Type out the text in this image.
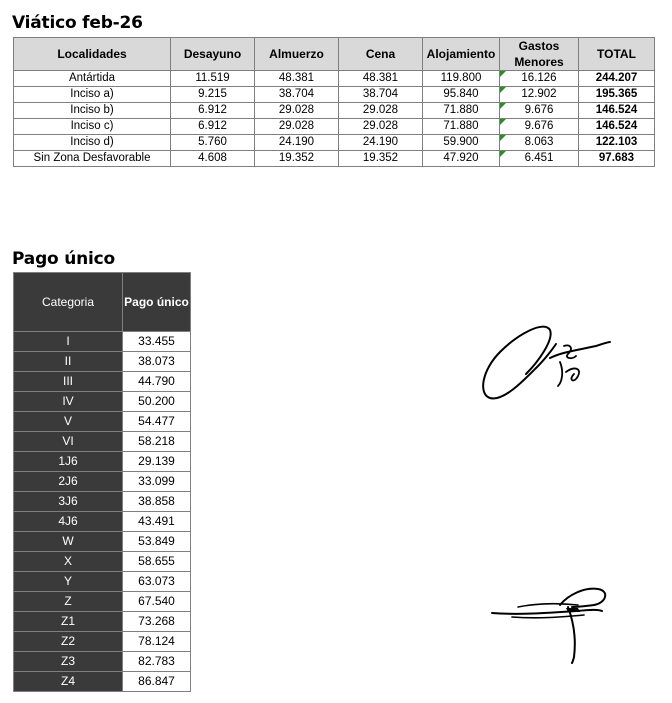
Viático feb-26
Localidades	Desayuno	Almuerzo	Cena	Alojamiento	Gastos Menores	TOTAL
Antártida	11.519	48.381	48.381	119.800	16.126	244.207
Inciso a)	9.215	38.704	38.704	95.840	12.902	195.365
Inciso b)	6.912	29.028	29.028	71.880	9.676	146.524
Inciso c)	6.912	29.028	29.028	71.880	9.676	146.524
Inciso d)	5.760	24.190	24.190	59.900	8.063	122.103
Sin Zona Desfavorable	4.608	19.352	19.352	47.920	6.451	97.683
Pago único
Categoria	Pago único
I	33.455
II	38.073
III	44.790
IV	50.200
V	54.477
VI	58.218
1J6	29.139
2J6	33.099
3J6	38.858
4J6	43.491
W	53.849
X	58.655
Y	63.073
Z	67.540
Z1	73.268
Z2	78.124
Z3	82.783
Z4	86.847
